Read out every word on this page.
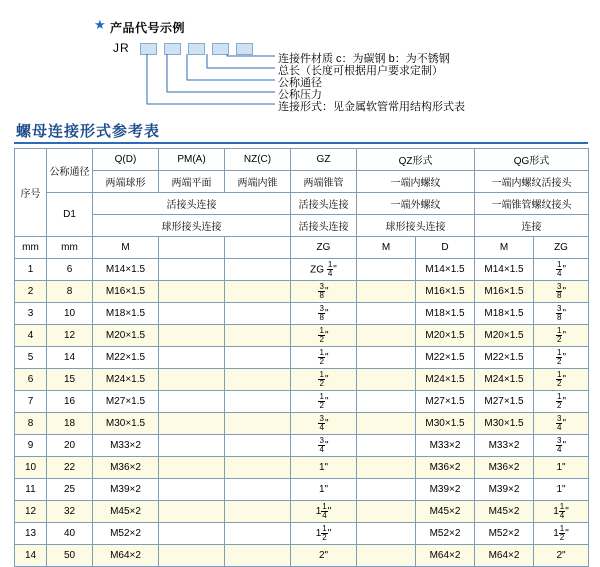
★ 产品代号示例
JR

连接件材质 c：为碳钢 b：为不锈钢
总长（长度可根据用户要求定制）
公称通径
公称压力
连接形式：见金属软管常用结构形式表
螺母连接形式参考表
序号	公称通径	Q(D)	PM(A)	NZ(C)	GZ	QZ形式		QG形式	
		两端球形	两端平面	两端内锥	两端锥管	一端内螺纹		一端内螺纹活接头	
	D1	活接头连接			活接头连接	一端外螺纹		一端锥管螺纹接头	
		球形接头连接			活接头连接	球形接头连接		连接	
mm	mm	M			ZG	M	D	M	ZG
1	6	M14×1.5			ZG $\frac{1}{4}$ "		M14×1.5	M14×1.5	$\frac{1}{4}$ "
2	8	M16×1.5			$\frac{3}{8}$ "		M16×1.5	M16×1.5	$\frac{3}{8}$ "
3	10	M18×1.5			$\frac{3}{8}$ "		M18×1.5	M18×1.5	$\frac{3}{8}$ "
4	12	M20×1.5			$\frac{1}{2}$ "		M20×1.5	M20×1.5	$\frac{1}{2}$ "
5	14	M22×1.5			$\frac{1}{2}$ "		M22×1.5	M22×1.5	$\frac{1}{2}$ "
6	15	M24×1.5			$\frac{1}{2}$ "		M24×1.5	M24×1.5	$\frac{1}{2}$ "
7	16	M27×1.5			$\frac{1}{2}$ "		M27×1.5	M27×1.5	$\frac{1}{2}$ "
8	18	M30×1.5			$\frac{3}{4}$ "		M30×1.5	M30×1.5	$\frac{3}{4}$ "
9	20	M33×2			$\frac{3}{4}$ "		M33×2	M33×2	$\frac{3}{4}$ "
10	22	M36×2			1"		M36×2	M36×2	1"
11	25	M39×2			1"		M39×2	M39×2	1"
12	32	M45×2			$1 \frac{1}{4}$ "		M45×2	M45×2	$1 \frac{1}{4}$ "
13	40	M52×2			$1 \frac{1}{2}$ "		M52×2	M52×2	$1 \frac{1}{2}$ "
14	50	M64×2			2"		M64×2	M64×2	2"
